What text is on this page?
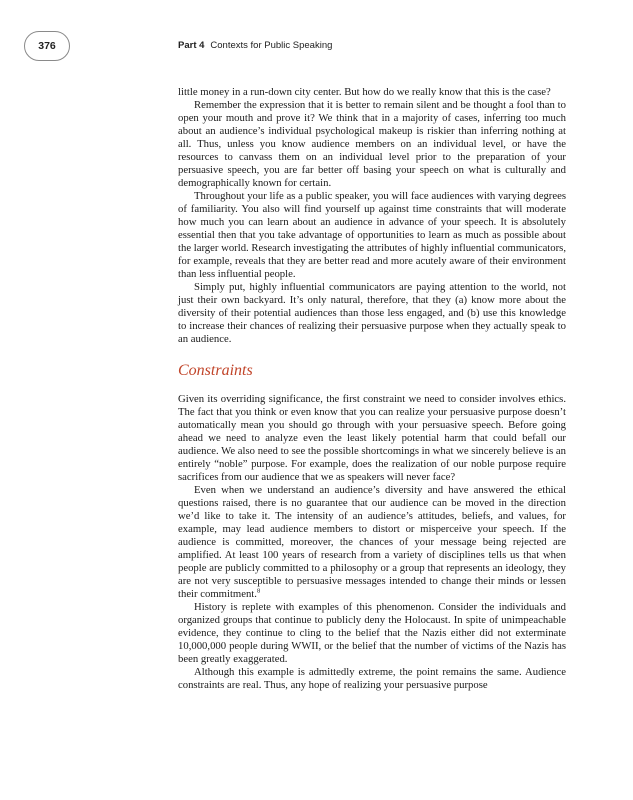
376	Part 4 Contexts for Public Speaking

little money in a run-down city center. But how do we really know that this is the case?

Remember the expression that it is better to remain silent and be thought a fool than to open your mouth and prove it? We think that in a majority of cases, inferring too much about an audience’s individual psychological makeup is riskier than inferring nothing at all. Thus, unless you know audience members on an individual level, or have the resources to canvass them on an individual level prior to the preparation of your persuasive speech, you are far better off basing your speech on what is culturally and demographically known for certain.

Throughout your life as a public speaker, you will face audiences with varying degrees of familiarity. You also will find yourself up against time constraints that will moderate how much you can learn about an audience in advance of your speech. It is absolutely essential then that you take advantage of opportunities to learn as much as possible about the larger world. Research investigating the attributes of highly influential communicators, for example, reveals that they are better read and more acutely aware of their environment than less influential people.

Simply put, highly influential communicators are paying attention to the world, not just their own backyard. It’s only natural, therefore, that they (a) know more about the diversity of their potential audiences than those less engaged, and (b) use this knowledge to increase their chances of realizing their persuasive purpose when they actually speak to an audience.

Constraints

Given its overriding significance, the first constraint we need to consider involves ethics. The fact that you think or even know that you can realize your persuasive purpose doesn’t automatically mean you should go through with your persuasive speech. Before going ahead we need to analyze even the least likely potential harm that could befall our audience. We also need to see the possible shortcomings in what we sincerely believe is an entirely “noble” purpose. For example, does the realization of our noble purpose require sacrifices from our audience that we as speakers will never face?

Even when we understand an audience’s diversity and have answered the ethical questions raised, there is no guarantee that our audience can be moved in the direction we’d like to take it. The intensity of an audience’s attitudes, beliefs, and values, for example, may lead audience members to distort or misperceive your speech. If the audience is committed, moreover, the chances of your message being rejected are amplified. At least 100 years of research from a variety of disciplines tells us that when people are publicly committed to a philosophy or a group that represents an ideology, they are not very susceptible to persuasive messages intended to change their minds or lessen their commitment.$^8$

History is replete with examples of this phenomenon. Consider the individuals and organized groups that continue to publicly deny the Holocaust. In spite of unimpeachable evidence, they continue to cling to the belief that the Nazis either did not exterminate 10,000,000 people during WWII, or the belief that the number of victims of the Nazis has been greatly exaggerated.

Although this example is admittedly extreme, the point remains the same. Audience constraints are real. Thus, any hope of realizing your persuasive purpose
